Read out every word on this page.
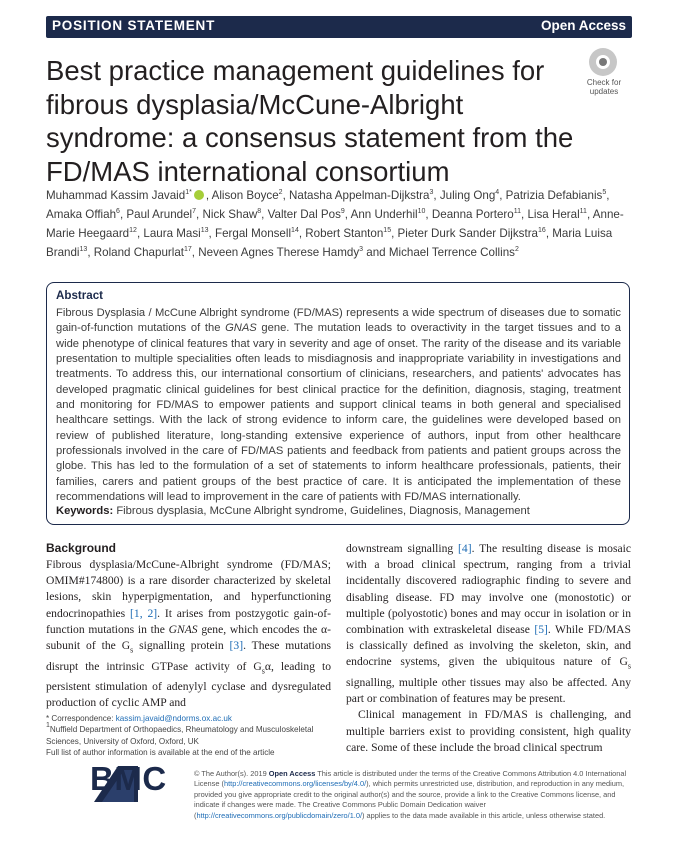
POSITION STATEMENT	Open Access
Best practice management guidelines for fibrous dysplasia/McCune-Albright syndrome: a consensus statement from the FD/MAS international consortium
Check for
updates
Muhammad Kassim Javaid$^{1*}$ , Alison Boyce$^2$, Natasha Appelman-Dijkstra$^3$, Juling Ong$^4$, Patrizia Defabianis$^5$, Amaka Offiah$^6$, Paul Arundel$^7$, Nick Shaw$^8$, Valter Dal Pos$^9$, Ann Underhil$^{10}$, Deanna Portero$^{11}$, Lisa Heral$^{11}$, Anne-Marie Heegaard$^{12}$, Laura Masi$^{13}$, Fergal Monsell$^{14}$, Robert Stanton$^{15}$, Pieter Durk Sander Dijkstra$^{16}$, Maria Luisa Brandi$^{13}$, Roland Chapurlat$^{17}$, Neveen Agnes Therese Hamdy$^3$ and Michael Terrence Collins$^2$
Abstract
Fibrous Dysplasia / McCune Albright syndrome (FD/MAS) represents a wide spectrum of diseases due to somatic gain-of-function mutations of the GNAS gene. The mutation leads to overactivity in the target tissues and to a wide phenotype of clinical features that vary in severity and age of onset. The rarity of the disease and its variable presentation to multiple specialities often leads to misdiagnosis and inappropriate variability in investigations and treatments. To address this, our international consortium of clinicians, researchers, and patients' advocates has developed pragmatic clinical guidelines for best clinical practice for the definition, diagnosis, staging, treatment and monitoring for FD/MAS to empower patients and support clinical teams in both general and specialised healthcare settings. With the lack of strong evidence to inform care, the guidelines were developed based on review of published literature, long-standing extensive experience of authors, input from other healthcare professionals involved in the care of FD/MAS patients and feedback from patients and patient groups across the globe. This has led to the formulation of a set of statements to inform healthcare professionals, patients, their families, carers and patient groups of the best practice of care. It is anticipated the implementation of these recommendations will lead to improvement in the care of patients with FD/MAS internationally.
Keywords: Fibrous dysplasia, McCune Albright syndrome, Guidelines, Diagnosis, Management
Background
Fibrous dysplasia/McCune-Albright syndrome (FD/MAS; OMIM#174800) is a rare disorder characterized by skeletal lesions, skin hyperpigmentation, and hyperfunctioning endocrinopathies [1, 2]. It arises from postzygotic gain-of-function mutations in the GNAS gene, which encodes the α-subunit of the $G_s$ signalling protein [3]. These mutations disrupt the intrinsic GTPase activity of $G_s\alpha$, leading to persistent stimulation of adenylyl cyclase and dysregulated production of cyclic AMP and
downstream signalling [4]. The resulting disease is mosaic with a broad clinical spectrum, ranging from a trivial incidentally discovered radiographic finding to severe and disabling disease. FD may involve one (monostotic) or multiple (polyostotic) bones and may occur in isolation or in combination with extraskeletal disease [5]. While FD/MAS is classically defined as involving the skeleton, skin, and endocrine systems, given the ubiquitous nature of $G_s$ signalling, multiple other tissues may also be affected. Any part or combination of features may be present.
Clinical management in FD/MAS is challenging, and multiple barriers exist to providing consistent, high quality care. Some of these include the broad clinical spectrum
* Correspondence: kassim.javaid@ndorms.ox.ac.uk
$^1$Nuffield Department of Orthopaedics, Rheumatology and Musculoskeletal Sciences, University of Oxford, Oxford, UK
Full list of author information is available at the end of the article
BMC	© The Author(s). 2019 Open Access This article is distributed under the terms of the Creative Commons Attribution 4.0 International License (http://creativecommons.org/licenses/by/4.0/), which permits unrestricted use, distribution, and reproduction in any medium, provided you give appropriate credit to the original author(s) and the source, provide a link to the Creative Commons license, and indicate if changes were made. The Creative Commons Public Domain Dedication waiver (http://creativecommons.org/publicdomain/zero/1.0/) applies to the data made available in this article, unless otherwise stated.
